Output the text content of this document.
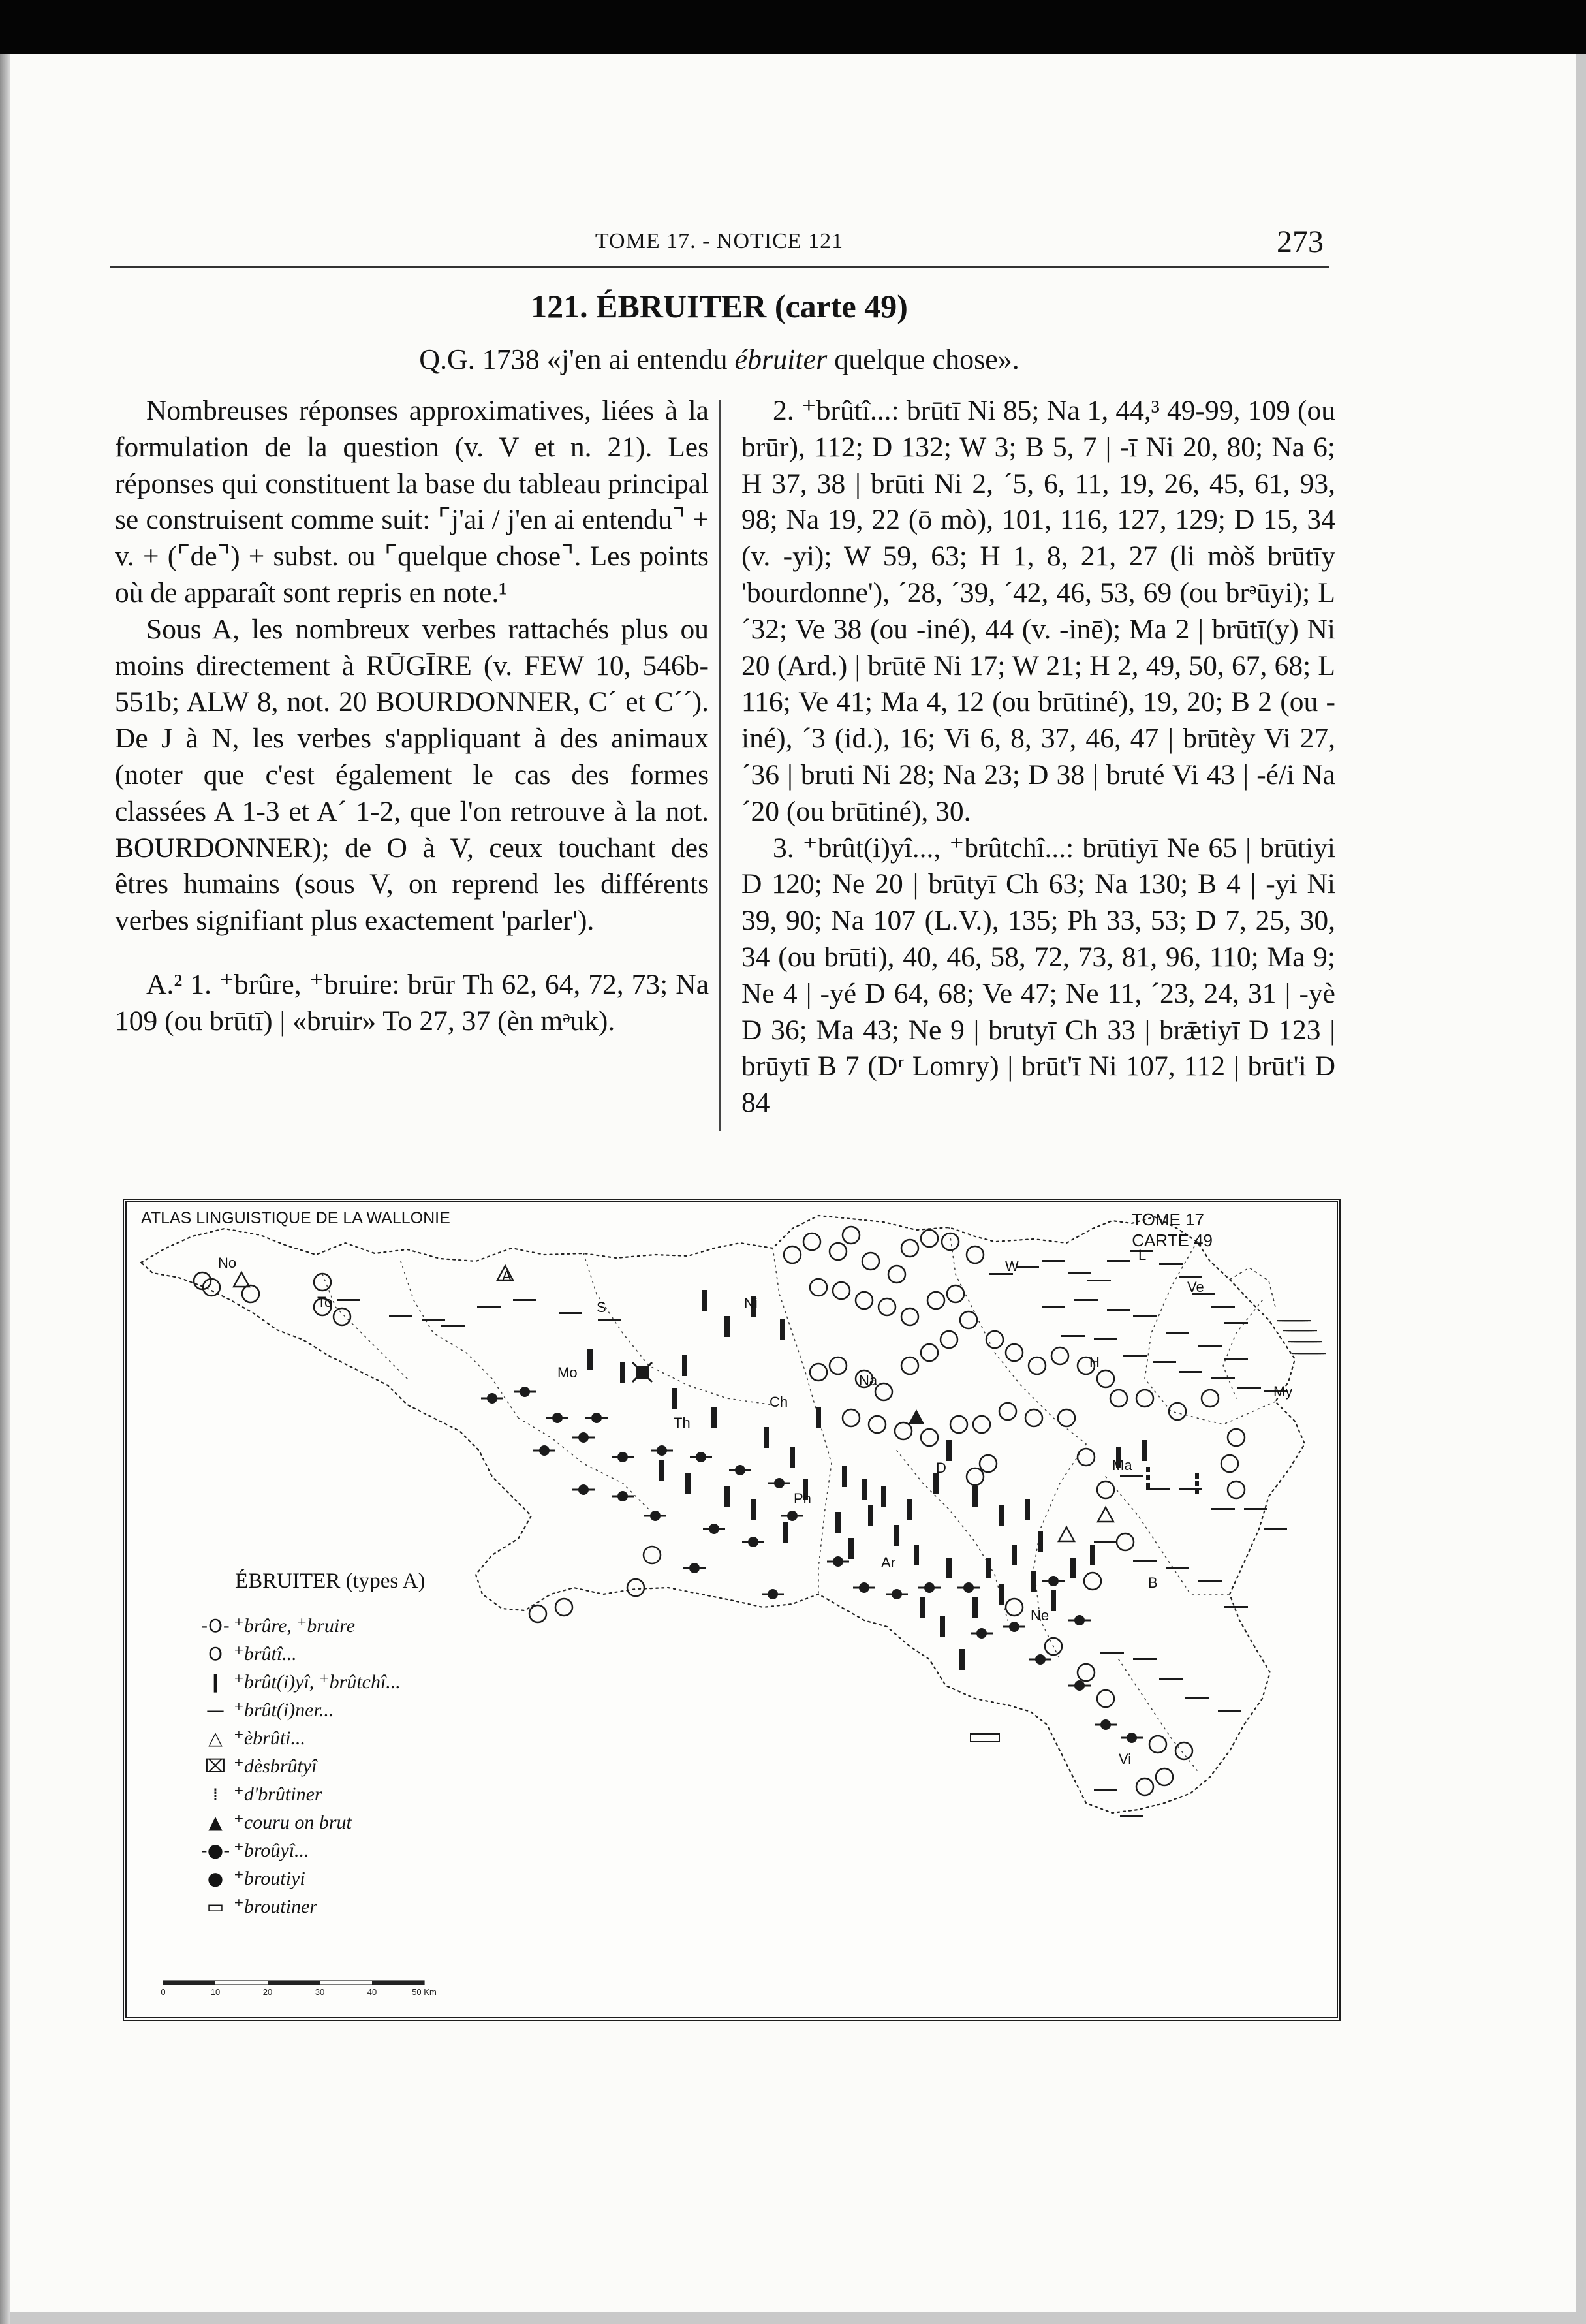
TOME 17. - NOTICE 121	273
121. ÉBRUITER (carte 49)
Q.G. 1738 «j'en ai entendu ébruiter quelque chose».

Nombreuses réponses approximatives, liées à la formulation de la question (v. V et n. 21). Les réponses qui constituent la base du tableau principal se construisent comme suit: ⌜j'ai / j'en ai entendu⌝ + v. + (⌜de⌝) + subst. ou ⌜quelque chose⌝. Les points où de apparaît sont repris en note.¹

Sous A, les nombreux verbes rattachés plus ou moins directement à RŪGĪRE (v. FEW 10, 546b-551b; ALW 8, not. 20 BOURDONNER, C´ et C´´). De J à N, les verbes s'appliquant à des animaux (noter que c'est également le cas des formes classées A 1-3 et A´ 1-2, que l'on retrouve à la not. BOURDONNER); de O à V, ceux touchant des êtres humains (sous V, on reprend les différents verbes signifiant plus exactement 'parler').

A.² 1. ⁺brûre, ⁺bruire: brūr Th 62, 64, 72, 73; Na 109 (ou brūtī) | «bruir» To 27, 37 (èn mᵊuk).

2. ⁺brûtî...: brūtī Ni 85; Na 1, 44,³ 49-99, 109 (ou brūr), 112; D 132; W 3; B 5, 7 | -ī Ni 20, 80; Na 6; H 37, 38 | brūti Ni 2, ´5, 6, 11, 19, 26, 45, 61, 93, 98; Na 19, 22 (ō mò), 101, 116, 127, 129; D 15, 34 (v. -yi); W 59, 63; H 1, 8, 21, 27 (li mòš brūtīy 'bourdonne'), ´28, ´39, ´42, 46, 53, 69 (ou brᵊūyi); L ´32; Ve 38 (ou -iné), 44 (v. -inē); Ma 2 | brūtī(y) Ni 20 (Ard.) | brūtē Ni 17; W 21; H 2, 49, 50, 67, 68; L 116; Ve 41; Ma 4, 12 (ou brūtiné), 19, 20; B 2 (ou -iné), ´3 (id.), 16; Vi 6, 8, 37, 46, 47 | brūtèy Vi 27, ´36 | bruti Ni 28; Na 23; D 38 | bruté Vi 43 | -é/i Na ´20 (ou brūtiné), 30.

3. ⁺brût(i)yî..., ⁺brûtchî...: brūtiyī Ne 65 | brūtiyi D 120; Ne 20 | brūtyī Ch 63; Na 130; B 4 | -yi Ni 39, 90; Na 107 (L.V.), 135; Ph 33, 53; D 7, 25, 30, 34 (ou brūti), 40, 46, 58, 72, 73, 81, 96, 110; Ma 9; Ne 4 | -yé D 64, 68; Ve 47; Ne 11, ´23, 24, 31 | -yè D 36; Ma 43; Ne 9 | brutyī Ch 33 | brǣtiyī D 123 | brūytī B 7 (Dʳ Lomry) | brūt'ī Ni 107, 112 | brūt'i D 84

No
To
A
S
Mo
Th
Ch
Ni
Ph
Na
D
Ar
W
H
L
Ve
My
Ma
B
Ne
Vi
ATLAS LINGUISTIQUE DE LA WALLONIE	TOME 17
CARTE 49
ÉBRUITER (types A)
-O- ⁺brûre, ⁺bruire
O ⁺brûtî...
❙ ⁺brût(i)yî, ⁺brûtchî...
— ⁺brût(i)ner...
△ ⁺èbrûti...
⌧ ⁺dèsbrûtyî
⁞ ⁺d'brûtiner
▲ ⁺couru on brut
-●- ⁺broûyî...
● ⁺broutiyi
▭ ⁺broutiner
0	10	20	30	40	50 Km
